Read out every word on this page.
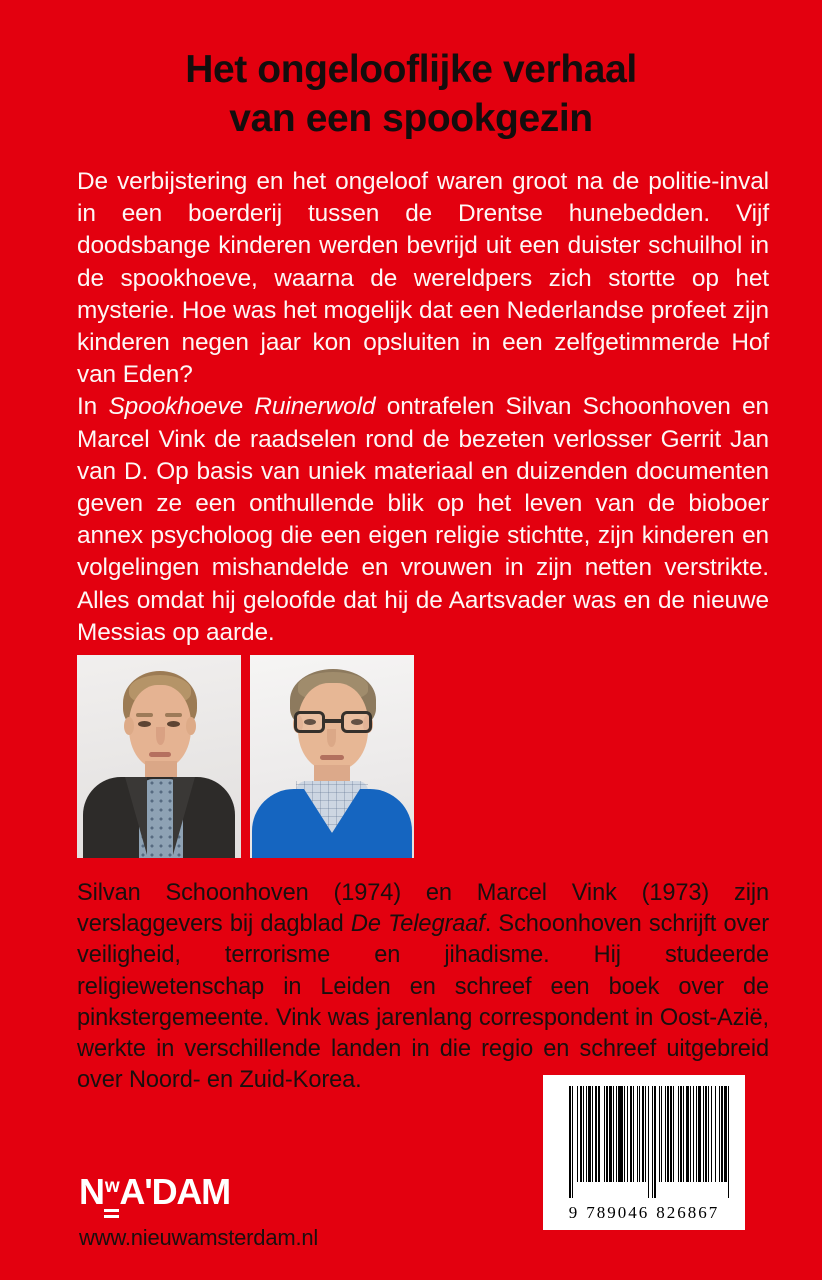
Het ongelooflijke verhaal
van een spookgezin

De verbijstering en het ongeloof waren groot na de politie-inval in een boerderij tussen de Drentse hunebedden. Vijf doodsbange kinderen werden bevrijd uit een duister schuilhol in de spookhoeve, waarna de wereldpers zich stortte op het mysterie. Hoe was het mogelijk dat een Nederlandse profeet zijn kinderen negen jaar kon opsluiten in een zelfgetimmerde Hof van Eden?

In Spookhoeve Ruinerwold ontrafelen Silvan Schoonhoven en Marcel Vink de raadselen rond de bezeten verlosser Gerrit Jan van D. Op basis van uniek materiaal en duizenden documenten geven ze een onthullende blik op het leven van de bioboer annex psycholoog die een eigen religie stichtte, zijn kinderen en volgelingen mishandelde en vrouwen in zijn netten verstrikte. Alles omdat hij geloofde dat hij de Aartsvader was en de nieuwe Messias op aarde.

Silvan Schoonhoven (1974) en Marcel Vink (1973) zijn verslaggevers bij dagblad De Telegraaf. Schoonhoven schrijft over veiligheid, terrorisme en jihadisme. Hij studeerde religiewetenschap in Leiden en schreef een boek over de pinkstergemeente. Vink was jarenlang correspondent in Oost-Azië, werkte in verschillende landen in die regio en schreef uitgebreid over Noord- en Zuid-Korea.

NwA'DAM
www.nieuwamsterdam.nl
9 789046 826867
